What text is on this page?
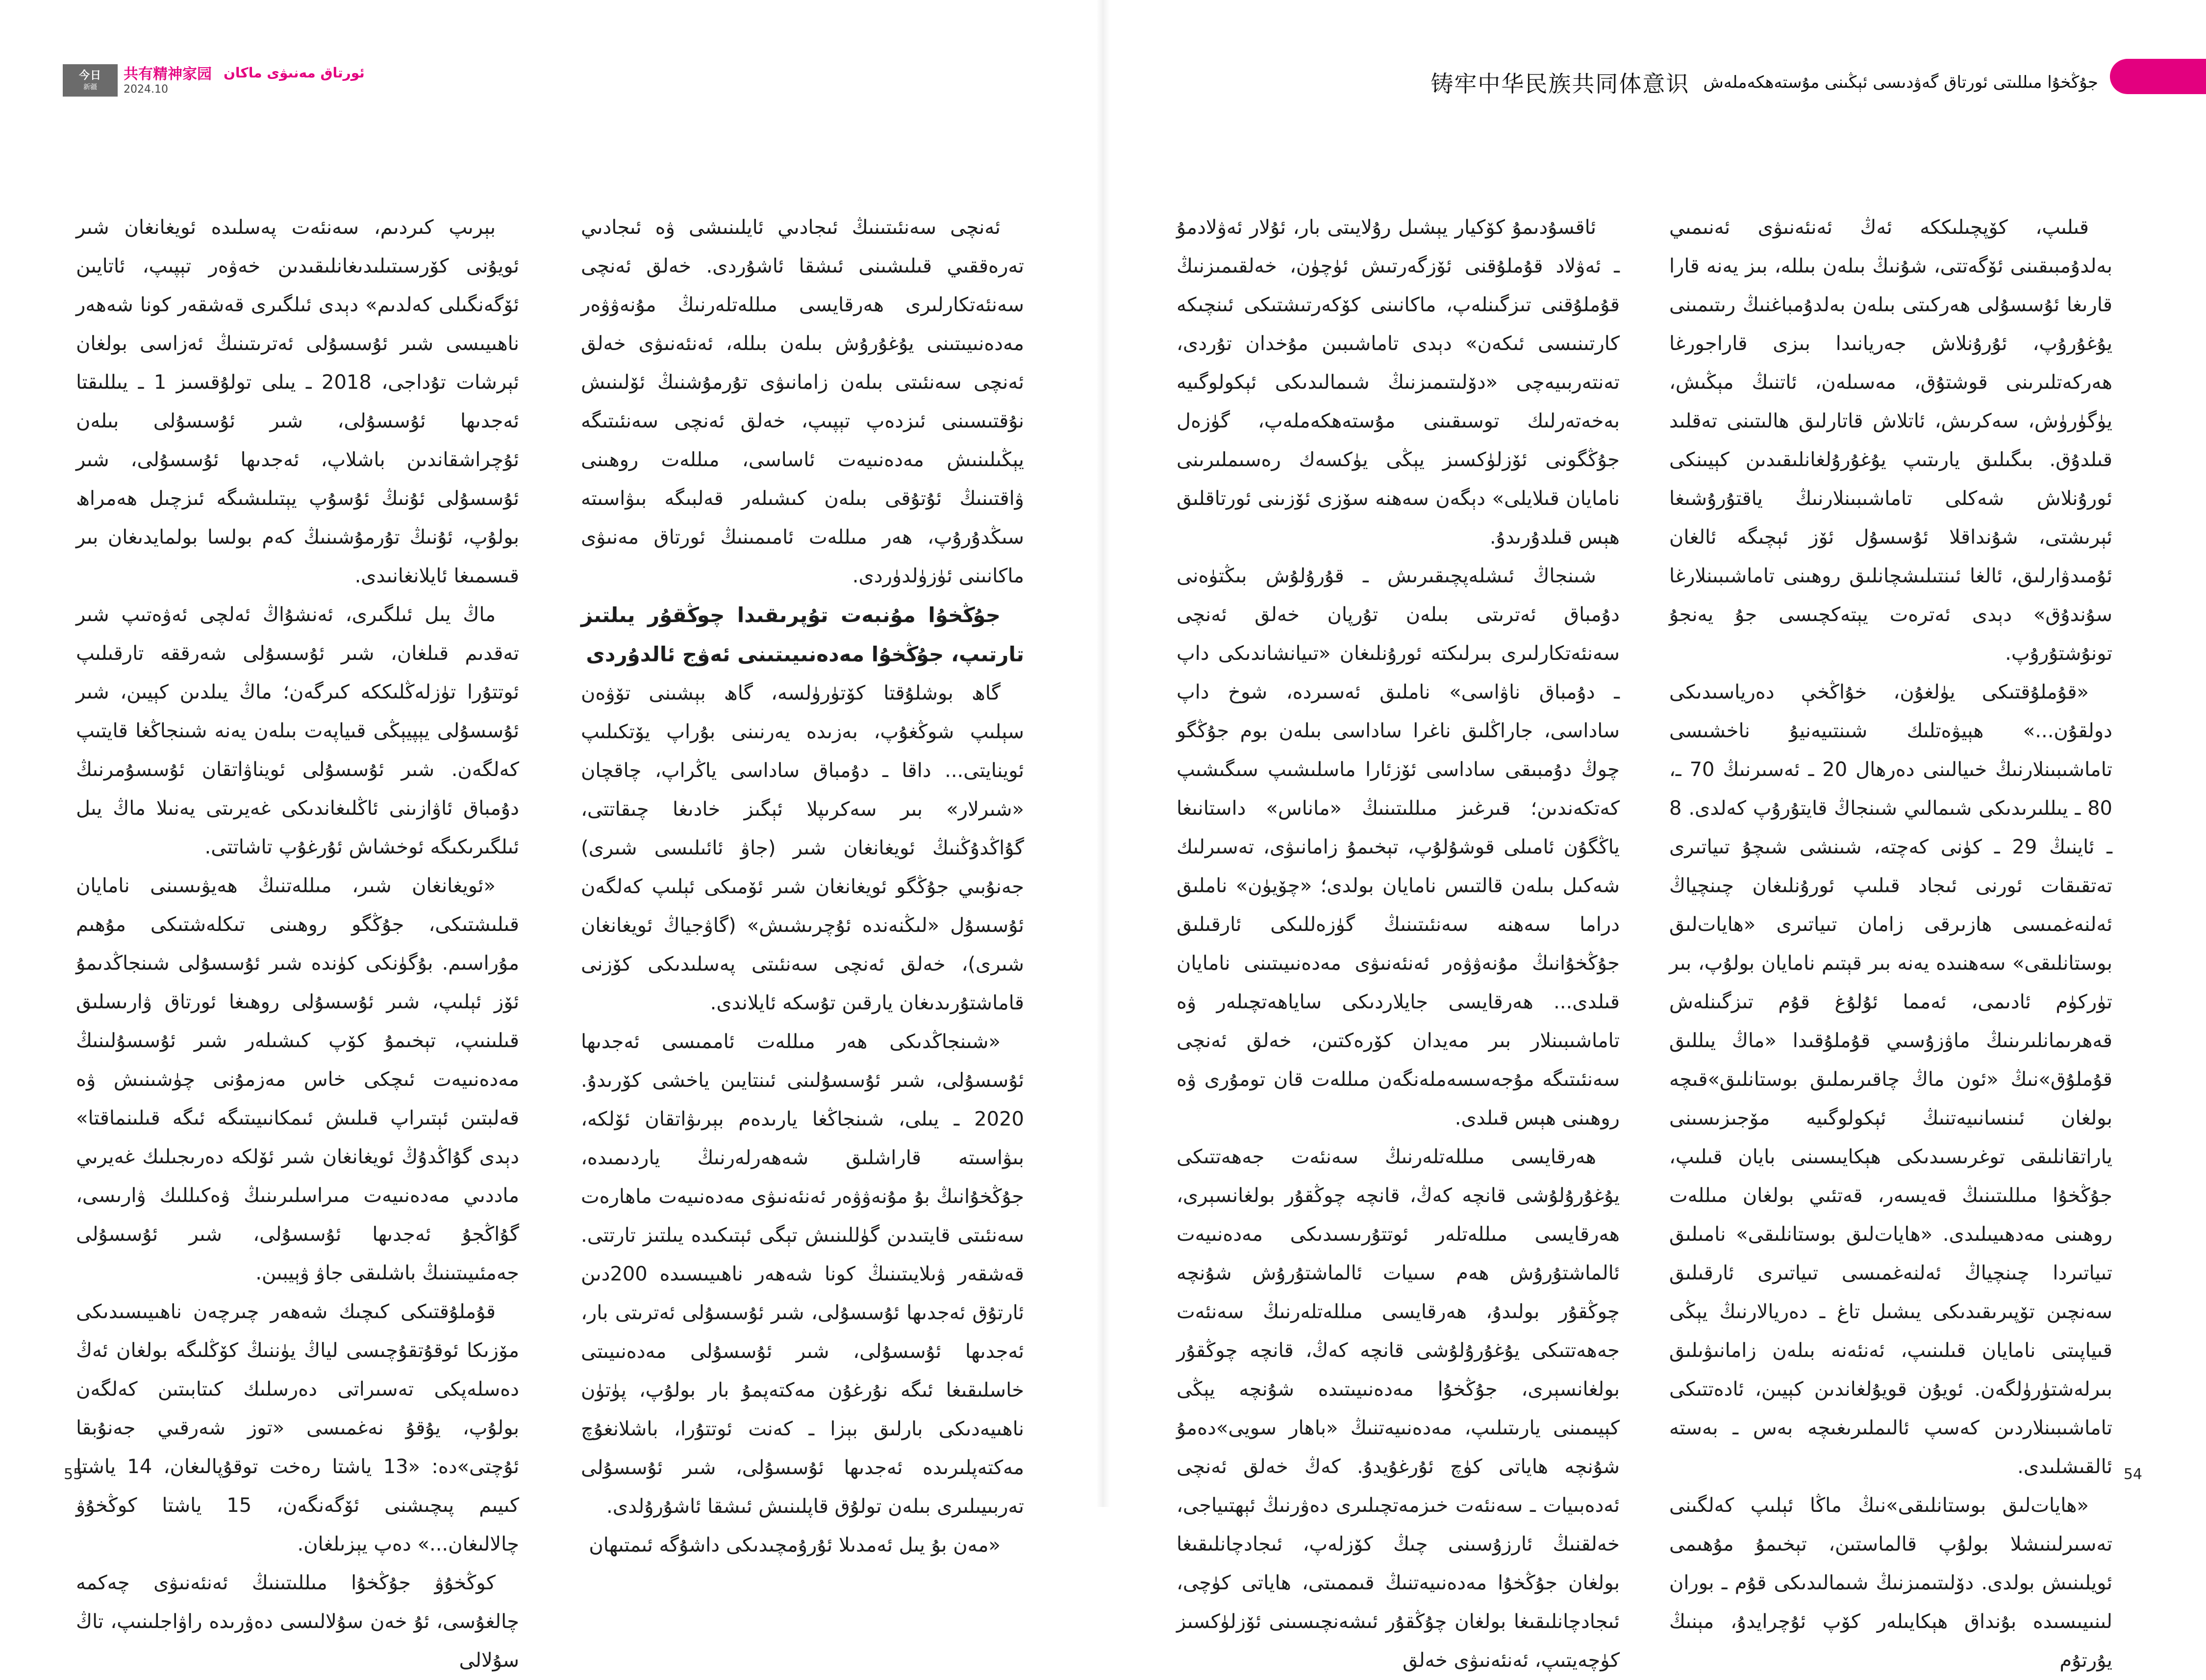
今日
新疆
共有精神家园
2024.10
ئورتاق مەنىۋى ماكان

ئەنچى سەنئىتىنىڭ ئىجادىي ئايلىنىشى ۋە ئىجادىي تەرەققىي قىلىشىنى ئىشقا ئاشۇردى. خەلق ئەنچى سەنئەتكارلىرى ھەرقايسى مىللەتلەرنىڭ مۇنەۋۋەر مەدەنىيىتىنى يۇغۇرۇش بىلەن بىللە، ئەنئەنىۋى خەلق ئەنچى سەنئىتى بىلەن زامانىۋى تۇرمۇشنىڭ ئۆلىنىش نۇقتىسىنى ئىزدەپ تېپىپ، خەلق ئەنچى سەنئىتىگە يېڭىلىنىش مەدەنىيەت ئاساسى، مىللەت روھىنى ۋاقتىنىڭ ئۇتۇقى بىلەن كىشىلەر قەلبىگە بىۋاسىتە سىڭدۇرۇپ، ھەر مىللەت ئامىمىنىڭ ئورتاق مەنىۋى ماكانىنى ئۈزۈلدۈردى.

جۇڭخۇا مۇنبەت تۇپرىقىدا چوڭقۇر يىلتىز تارتىپ، جۇڭخۇا مەدەنىيىتىنى ئەۋج ئالدۇردى

گاھ بوشلۇقتا كۆتۈرۈلسە، گاھ بېشىنى تۆۋەن سېلىپ شوڭغۇپ، بەزىدە يەرنىنى بۇراپ يۆتكىلىپ ئوينايتى... داقا ـ دۇمباق ساداسى ياڭراپ، چاقچان «شىرلار» بىر سەكرىپلا ئېگىز خادىغا چىقاتتى، گۇاڭدۇڭنىڭ ئويغانغان شىر (جاۋ ئائىلىسى شىرى) جەنۇبىي جۇڭگو ئويغانغان شىر ئۆمىكى ئېلىپ كەلگەن ئۇسسۇل «لىڭنەندە ئۇچرىشىش» (گاۋجياڭ ئويغانغان شىرى)، خەلق ئەنچى سەنئىتى پەسلىدىكى كۆزنى قاماشتۇرىدىغان يارقىن تۇسكە ئايلاندى.

«شىنجاڭدىكى ھەر مىللەت ئاممىسى ئەجدىھا ئۇسسۇلى، شىر ئۇسسۇلىنى ئىنتايىن ياخشى كۆرىدۇ. 2020 ـ يىلى، شىنجاڭغا يارىدەم بېرىۋاتقان ئۆلكە، بىۋاسىتە قاراشلىق شەھەرلەرنىڭ ياردىمىدە، جۇڭخۇانىڭ بۇ مۇنەۋۋەر ئەنئەنىۋى مەدەنىيەت ماھارەت سەنئىتى قايتىدىن گۈللىنىش تېگى ئېتىكىدە يىلتىز تارتتى. قەشقەر ۋىلايىتىنىڭ كونا شەھەر ناھىيىسىدە 200دىن ئارتۇق ئەجدىھا ئۇسسۇلى، شىر ئۇسسۇلى ئەترىتى بار، ئەجدىھا ئۇسسۇلى، شىر ئۇسسۇلى مەدەنىيىتى خاسلىقىغا ئىگە نۇرغۇن مەكتەپمۇ بار بولۇپ، پۈتۈن ناھىيەدىكى بارلىق بېزا ـ كەنت ئوتتۇرا، باشلانغۇچ مەكتەپلىرىدە ئەجدىھا ئۇسسۇلى، شىر ئۇسسۇلى تەربىيىلىرى بىلەن تولۇق قاپلىنىش ئىشقا ئاشۇرۇلدى.

«مەن بۇ يىل ئەمدىلا ئۇرۇمچىدىكى داشۇگە ئىمتىھان

بېرىپ كىردىم، سەنئەت پەسلىدە ئويغانغان شىر ئويۇنى كۆرسىتىلىدىغانلىقىدىن خەۋەر تېپىپ، ئاتايىن ئۆگەنگىلى كەلدىم» دېدى ئىلگىرى قەشقەر كونا شەھەر ناھىيىسى شىر ئۇسسۇلى ئەترىتىنىڭ ئەزاسى بولغان ئېرشات تۇداجى، 2018 ـ يىلى تولۇقسىز 1 ـ يىللىقتا ئەجدىھا ئۇسسۇلى، شىر ئۇسسۇلى بىلەن ئۇچراشقاندىن باشلاپ، ئەجدىھا ئۇسسۇلى، شىر ئۇسسۇلى ئۇنىڭ ئۇسۇپ يېتىلىشىگە ئىزچىل ھەمراھ بولۇپ، ئۇنىڭ تۇرمۇشىنىڭ كەم بولسا بولمايدىغان بىر قىسمىغا ئايلانغانىدى.

ماڭ يىل ئىلگىرى، ئەنشۇاڭ ئەلچى ئەۋەتىپ شىر تەقدىم قىلغان، شىر ئۇسسۇلى شەرققە تارقىلىپ ئوتتۇرا تۈزلەڭلىككە كىرگەن؛ ماڭ يىلدىن كېيىن، شىر ئۇسسۇلى يېپيېڭى قىياپەت بىلەن يەنە شىنجاڭغا قايتىپ كەلگەن. شىر ئۇسسۇلى ئويناۋاتقان ئۇسسۇمرنىڭ دۇمباق ئاۋازىنى ئاڭلىغاندىكى غەيرىتى يەنىلا ماڭ يىل ئىلگىرىكىگە ئوخشاش ئۇرغۇپ تاشاتتى.

«ئويغانغان شىر، مىللەتنىڭ ھەيۋىسىنى نامايان قىلىشتىكى، جۇڭگو روھىنى تىكلەشتىكى مۇھىم مۇراسىم. بۇگۈنكى كۈندە شىر ئۇسسۇلى شىنجاڭدىمۇ ئۆز ئېلىپ، شىر ئۇسسۇلى روھىغا ئورتاق ۋارىسلىق قىلىنىپ، تېخىمۇ كۆپ كىشىلەر شىر ئۇسسۇلىنىڭ مەدەنىيەت ئىچكى خاس مەزمۇنى چۈشىنىش ۋە قەلبتىن ئېتىراپ قىلىش ئىمكانىيىتىگە ئىگە قىلىنماقتا» دېدى گۇاڭدۇڭ ئويغانغان شىر ئۆلكە دەرىجىلىك غەيرىي ماددىي مەدەنىيەت مىراسلىرىنىڭ ۋەكىللىك ۋارىسى، گۇاڭجۇ ئەجدىھا ئۇسسۇلى، شىر ئۇسسۇلى جەمئىيىتىنىڭ باشلىقى جاۋ ۋېيبىن.

قۇملۇقتىكى كىچىك شەھەر چىرچەن ناھىيىسىدىكى مۆزىكا ئوقۇتقۇچىسى لياڭ يۈننىڭ كۆڭلىگە بولغان ئەڭ دەسلەپكى تەسىراتى دەرسلىك كىتابىتىن كەلگەن بولۇپ، يۇقۇ نەغمىسى «توز شەرقىي جەنۇبقا ئۇچتى»دە: «13 ياشتا رەخت توقۇپالىغان، 14 ياشتا كىيىم پىچىشنى ئۆگەنگەن، 15 ياشتا كوڭخۇۋ چالالىغان...» دەپ يېزىلغان.

كوڭخۇۋ جۇڭخۇا مىللىتىنىڭ ئەنئەنىۋى چەكمە چالغۇسى، ئۇ خەن سۇلالىسى دەۋرىدە راۋاجلىنىپ، تاڭ سۇلالى

55
铸牢中华民族共同体意识 جۇڭخۇا مىللىتى ئورتاق گەۋدىسى ئېڭىنى مۇستەھكەملەش

قىلىپ، كۆپچىلىككە ئەڭ ئەنئەنىۋى ئەنىمىي بەلدۇمبىقىنى ئۆگەتتى، شۇنىڭ بىلەن بىللە، بىز يەنە قارا قارىغا ئۇسسۇلى ھەركىتى بىلەن بەلدۇمباغنىڭ رىتىمىنى يۇغۇرۇپ، ئۇرۇنلاش جەريانىدا بىزى قاراجورغا ھەركەتلىرىنى قوشتۇق، مەسىلەن، ئاتنىڭ مېڭىش، يۈگۈرۈش، سەكرىش، ئاتلاش قاتارلىق ھالىتىنى تەقلىد قىلدۇق. بىگىلىق يارىتىپ يۇغۇرۇلغانلىقىدىن كېيىنكى ئورۇنلاش شەكلى تاماشىبىنلارنىڭ ياقتۇرۇشىغا ئېرىشتى، شۇنداقلا ئۇسسۇل ئۆز ئېچىگە ئالغان ئۇمىدۋارلىق، ئالغا ئىنتىلىشچانلىق روھىنى تاماشىبىنلارغا سۇندۇق» دېدى ئەترەت يېتەكچىسى جۇ يەنجۇ تونۇشتۇرۇپ.

«قۇملۇقتىكى يۈلغۇن، خۇاڭخې دەرياسىدىكى دولقۇن...» ھېيۋەتلىك شىنتىيەنيۇ ناخشىسى تاماشىبىنلارنىڭ خىيالىنى دەرھال 20 ـ ئەسىرنىڭ 70 ـ، 80 ـ يىللىرىدىكى شىمالىي شىنجاڭ قايتۇرۇپ كەلدى. 8 ـ ئاينىڭ 29 ـ كۈنى كەچتە، شىنشى شىچۇ تىياتىرى تەتقىقات ئورنى ئىجاد قىلىپ ئورۇنلىغان چىنچياڭ ئەلنەغمىسى ھازىرقى زامان تىياتىرى «ھايات‌لىق بوستانلىقى» سەھنىدە يەنە بىر قېتىم نامايان بولۇپ، بىر تۈركۈم ئادىمى، ئەمما ئۇلۇغ قۇم تىزگىنلەش قەھرىمانلىرىنىڭ ماۋزۇسىي قۇملۇقىدا «ماڭ يىللىق قۇملۇق»نىڭ «ئون ماڭ چاقىرىملىق بوستانلىق»قىچە بولغان ئىنسانىيەتنىڭ ئېكولوگىيە مۆجىزىسىنى ياراتقانلىقى توغرىسىدىكى ھېكايىسىنى بايان قىلىپ، جۇڭخۇا مىللىتىنىڭ قەيسەر، قەتئىي بولغان مىللەت روھىنى مەدھىيىلىدى. «ھايات‌لىق بوستانلىقى» نامىلىق تىياتىردا چىنچياڭ ئەلنەغمىسى تىياتىرى ئارقىلىق سەنچىن تۆپىرىقىدىكى يىشىل تاغ ـ دەريالارنىڭ يېڭى قىياپىتى نامايان قىلىنىپ، ئەنئەنە بىلەن زامانىۋىلىق بىرلەشتۈرۈلگەن. ئويۇن قويۇلغاندىن كېيىن، ئادەتتىكى تاماشىبىنلاردىن كەسپ ئالىملىرىغىچە بەس ـ بەستە ئالقىشلىدى.

«ھايات‌لىق بوستانلىقى»نىڭ ماڭا ئېلىپ كەلگىنى تەسىرلىنىشلا بولۇپ قالماستىن، تېخىمۇ مۇھىمى ئويلىنىش بولدى. دۆلىتىمىزنىڭ شىمالىدىكى قۇم ـ بوران لىنىيىسىدە بۇنداق ھېكايىلەر كۆپ ئۇچرايدۇ، مېنىڭ يۇرتۇم

ئاقسۇدىمۇ كۆكيار يېشىل رۇلايىتى بار، ئۇلار ئەۋلادمۇ ـ ئەۋلاد قۇملۇقنى ئۆزگەرتىش ئۈچۈن، خەلقىمىزنىڭ قۇملۇقنى تىزگىنلەپ، ماكانىنى كۆكەرتىشتىكى ئىنچىكە كارتىنىسى ئىكەن» دېدى تاماشىبىن مۇخدان تۇردى، تەنتەربىيەچى «دۆلىتىمىزنىڭ شىمالىدىكى ئېكولوگىيە بەخەتەرلىك توسىقىنى مۇستەھكەملەپ، گۈزەل جۇڭگونى ئۆزلۈكسىز يېڭى يۈكسەك رەسىملىرىنى نامايان قىلايلى» دېگەن سەھنە سۆزى ئۆزىنى ئورتاقلىق ھېس قىلدۇرىدۇ.

شىنجاڭ ئىشلەپچىقىرىش ـ قۇرۇلۇش بىڭتۈەنى دۇمباق ئەترىتى بىلەن تۇرپان خەلق ئەنچى سەنئەتكارلىرى بىرلىكتە ئورۇنلىغان «تىيانشاندىكى داپ ـ دۇمباق ناۋاسى» ناملىق ئەسىردە، شوخ داپ ساداسى، جاراڭلىق ناغرا ساداسى بىلەن بوم جۇڭگو چوڭ دۇمبىقى ساداسى ئۆزئارا ماسلىشىپ سىگىشىپ كەتكەندىن؛ قىرغىز مىللىتىنىڭ «ماناس» داستانىغا ياڭگۇن ئامىلى قوشۇلۇپ، تېخىمۇ زامانىۋى، تەسىرلىك شەكىل بىلەن قالتىس نامايان بولدى؛ «چۆيۈن» ناملىق دراما سەھنە سەنئىتىنىڭ گۈزەللىكى ئارقىلىق جۇڭخۇانىڭ مۇنەۋۋەر ئەنئەنىۋى مەدەنىيىتىنى نامايان قىلدى... ھەرقايسى جايلاردىكى ساياھەتچىلەر ۋە تاماشىبىنلار بىر مەيدان كۆرەكتىن، خەلق ئەنچى سەنئىتىگە مۇجەسسەملەنگەن مىللەت قان تومۇرى ۋە روھىنى ھېس قىلدى.

ھەرقايسى مىللەتلەرنىڭ سەنئەت جەھەتتىكى يۇغۇرۇلۇشى قانچە كەڭ، قانچە چوڭقۇر بولغانسېرى، ھەرقايسى مىللەتلەر ئوتتۇرىسىدىكى مەدەنىيەت ئالماشتۇرۇش ھەم سىيات ئالماشتۇرۇش شۇنچە چوڭقۇر بولىدۇ، ھەرقايسى مىللەتلەرنىڭ سەنئەت جەھەتتىكى يۇغۇرۇلۇشى قانچە كەڭ، قانچە چوڭقۇر بولغانسېرى، جۇڭخۇا مەدەنىيىتىدە شۇنچە يېڭى كېيىمىنى يارىتىلىپ، مەدەنىيەتنىڭ «باھار سويى»دەمۇ شۇنچە ھاياتى كۈچ ئۇرغۇيدۇ. كەڭ خەلق ئەنچى ئەدەبىيات ـ سەنئەت خىزمەتچىلىرى دەۋرنىڭ ئېھتىياجى، خەلقنىڭ ئارزۇسىنى چىڭ كۆزلەپ، ئىجادچانلىقىغا بولغان جۇڭخۇا مەدەنىيەتنىڭ قىممىتى، ھاياتى كۈچى، ئىجادچانلىقىغا بولغان چۇڭقۇر ئىشەنچىسىنى ئۆزلۈكسىز كۈچەيتىپ، ئەنئەنىۋى خەلق

54
